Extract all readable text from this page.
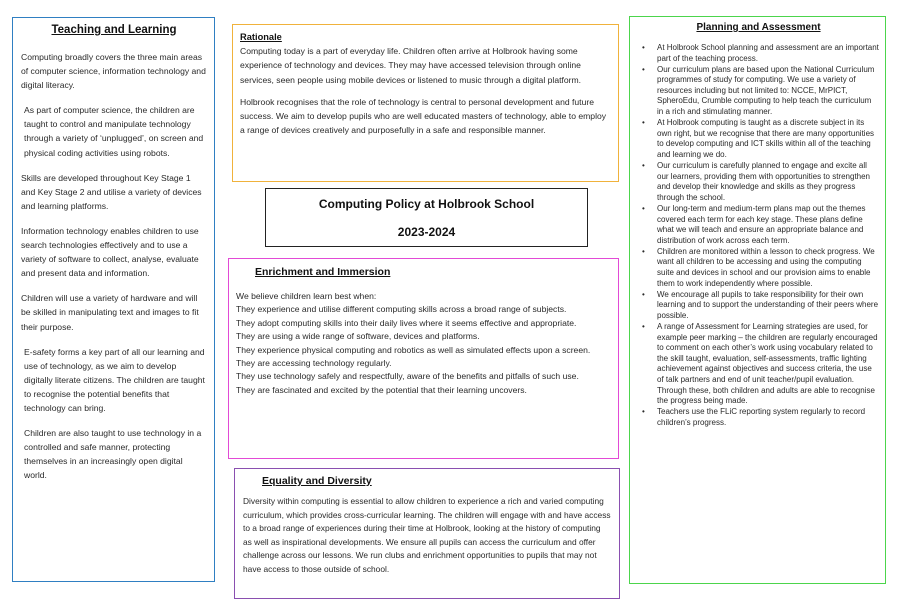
Teaching and Learning

Computing broadly covers the three main areas of computer science, information technology and digital literacy.

As part of computer science, the children are taught to control and manipulate technology through a variety of ‘unplugged’, on screen and physical coding activities using robots.

Skills are developed throughout Key Stage 1 and Key Stage 2 and utilise a variety of devices and learning platforms.

Information technology enables children to use search technologies effectively and to use a variety of software to collect, analyse, evaluate and present data and information.

Children will use a variety of hardware and will be skilled in manipulating text and images to fit their purpose.

E-safety forms a key part of all our learning and use of technology, as we aim to develop digitally literate citizens. The children are taught to recognise the potential benefits that technology can bring.

Children are also taught to use technology in a controlled and safe manner, protecting themselves in an increasingly open digital world.

Rationale

Computing today is a part of everyday life. Children often arrive at Holbrook having some experience of technology and devices. They may have accessed television through online services, seen people using mobile devices or listened to music through a digital platform.

Holbrook recognises that the role of technology is central to personal development and future success. We aim to develop pupils who are well educated masters of technology, able to employ a range of devices creatively and purposefully in a safe and responsible manner.

Computing Policy at Holbrook School
2023-2024
Enrichment and Immersion
We believe children learn best when:
They experience and utilise different computing skills across a broad range of subjects.
They adopt computing skills into their daily lives where it seems effective and appropriate.
They are using a wide range of software, devices and platforms.
They experience physical computing and robotics as well as simulated effects upon a screen.
They are accessing technology regularly.
They use technology safely and respectfully, aware of the benefits and pitfalls of such use.
They are fascinated and excited by the potential that their learning uncovers.
Equality and Diversity

Diversity within computing is essential to allow children to experience a rich and varied computing curriculum, which provides cross-curricular learning. The children will engage with and have access to a broad range of experiences during their time at Holbrook, looking at the history of computing as well as inspirational developments. We ensure all pupils can access the curriculum and offer challenge across our lessons. We run clubs and enrichment opportunities to pupils that may not have access to those outside of school.

Planning and Assessment
• At Holbrook School planning and assessment are an important part of the teaching process.
• Our curriculum plans are based upon the National Curriculum programmes of study for computing. We use a variety of resources including but not limited to: NCCE, MrPICT, SpheroEdu, Crumble computing to help teach the curriculum in a rich and stimulating manner.
• At Holbrook computing is taught as a discrete subject in its own right, but we recognise that there are many opportunities to develop computing and ICT skills within all of the teaching and learning we do.
• Our curriculum is carefully planned to engage and excite all our learners, providing them with opportunities to strengthen and develop their knowledge and skills as they progress through the school.
• Our long-term and medium-term plans map out the themes covered each term for each key stage. These plans define what we will teach and ensure an appropriate balance and distribution of work across each term.
• Children are monitored within a lesson to check progress. We want all children to be accessing and using the computing suite and devices in school and our provision aims to enable them to work independently where possible.
• We encourage all pupils to take responsibility for their own learning and to support the understanding of their peers where possible.
• A range of Assessment for Learning strategies are used, for example peer marking – the children are regularly encouraged to comment on each other’s work using vocabulary related to the skill taught, evaluation, self-assessments, traffic lighting achievement against objectives and success criteria, the use of talk partners and end of unit teacher/pupil evaluation. Through these, both children and adults are able to recognise the progress being made.
• Teachers use the FLiC reporting system regularly to record children’s progress.
